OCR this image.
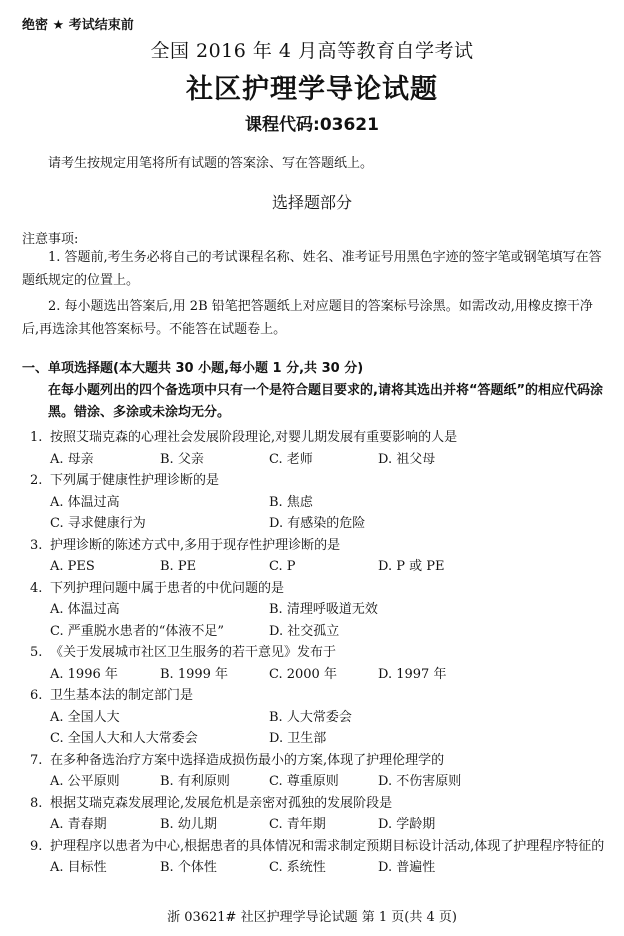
绝密 ★ 考试结束前
全国 2016 年 4 月高等教育自学考试
社区护理学导论试题
课程代码:03621
请考生按规定用笔将所有试题的答案涂、写在答题纸上。
选择题部分
注意事项:
1. 答题前,考生务必将自己的考试课程名称、姓名、准考证号用黑色字迹的签字笔或钢笔填写在答题纸规定的位置上。
2. 每小题选出答案后,用 2B 铅笔把答题纸上对应题目的答案标号涂黑。如需改动,用橡皮擦干净后,再选涂其他答案标号。不能答在试题卷上。
一、单项选择题(本大题共 30 小题,每小题 1 分,共 30 分)
在每小题列出的四个备选项中只有一个是符合题目要求的,请将其选出并将“答题纸”的相应代码涂黑。错涂、多涂或未涂均无分。
1. 按照艾瑞克森的心理社会发展阶段理论,对婴儿期发展有重要影响的人是
A. 母亲	B. 父亲	C. 老师	D. 祖父母
2. 下列属于健康性护理诊断的是
A. 体温过高	B. 焦虑
C. 寻求健康行为	D. 有感染的危险
3. 护理诊断的陈述方式中,多用于现存性护理诊断的是
A. PES	B. PE	C. P	D. P 或 PE
4. 下列护理问题中属于患者的中优问题的是
A. 体温过高	B. 清理呼吸道无效
C. 严重脱水患者的“体液不足”	D. 社交孤立
5. 《关于发展城市社区卫生服务的若干意见》发布于
A. 1996 年	B. 1999 年	C. 2000 年	D. 1997 年
6. 卫生基本法的制定部门是
A. 全国人大	B. 人大常委会
C. 全国人大和人大常委会	D. 卫生部
7. 在多种备选治疗方案中选择造成损伤最小的方案,体现了护理伦理学的
A. 公平原则	B. 有利原则	C. 尊重原则	D. 不伤害原则
8. 根据艾瑞克森发展理论,发展危机是亲密对孤独的发展阶段是
A. 青春期	B. 幼儿期	C. 青年期	D. 学龄期
9. 护理程序以患者为中心,根据患者的具体情况和需求制定预期目标设计活动,体现了护理程序特征的
A. 目标性	B. 个体性	C. 系统性	D. 普遍性
浙 03621# 社区护理学导论试题 第 1 页(共 4 页)
